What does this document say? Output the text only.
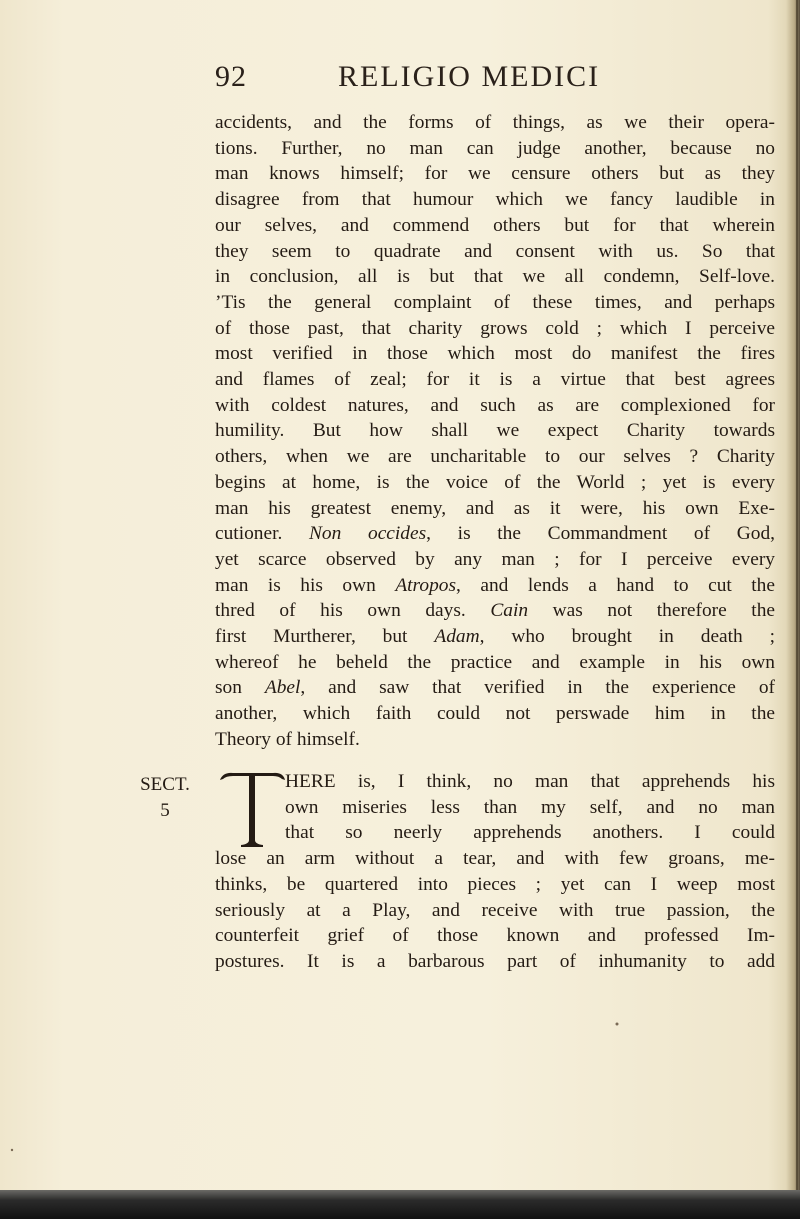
92	RELIGIO MEDICI
accidents, and the forms of things, as we their opera-
tions. Further, no man can judge another, because no
man knows himself; for we censure others but as they
disagree from that humour which we fancy laudible in
our selves, and commend others but for that wherein
they seem to quadrate and consent with us. So that
in conclusion, all is but that we all condemn, Self-love.
’Tis the general complaint of these times, and perhaps
of those past, that charity grows cold ; which I perceive
most verified in those which most do manifest the fires
and flames of zeal; for it is a virtue that best agrees
with coldest natures, and such as are complexioned for
humility. But how shall we expect Charity towards
others, when we are uncharitable to our selves ? Charity
begins at home, is the voice of the World ; yet is every
man his greatest enemy, and as it were, his own Exe-
cutioner. Non occides, is the Commandment of God,
yet scarce observed by any man ; for I perceive every
man is his own Atropos, and lends a hand to cut the
thred of his own days. Cain was not therefore the
first Murtherer, but Adam, who brought in death ;
whereof he beheld the practice and example in his own
son Abel, and saw that verified in the experience of
another, which faith could not perswade him in the
Theory of himself.
SECT.
5
HERE is, I think, no man that apprehends his
own miseries less than my self, and no man
that so neerly apprehends anothers. I could
lose an arm without a tear, and with few groans, me-
thinks, be quartered into pieces ; yet can I weep most
seriously at a Play, and receive with true passion, the
counterfeit grief of those known and professed Im-
postures. It is a barbarous part of inhumanity to add
